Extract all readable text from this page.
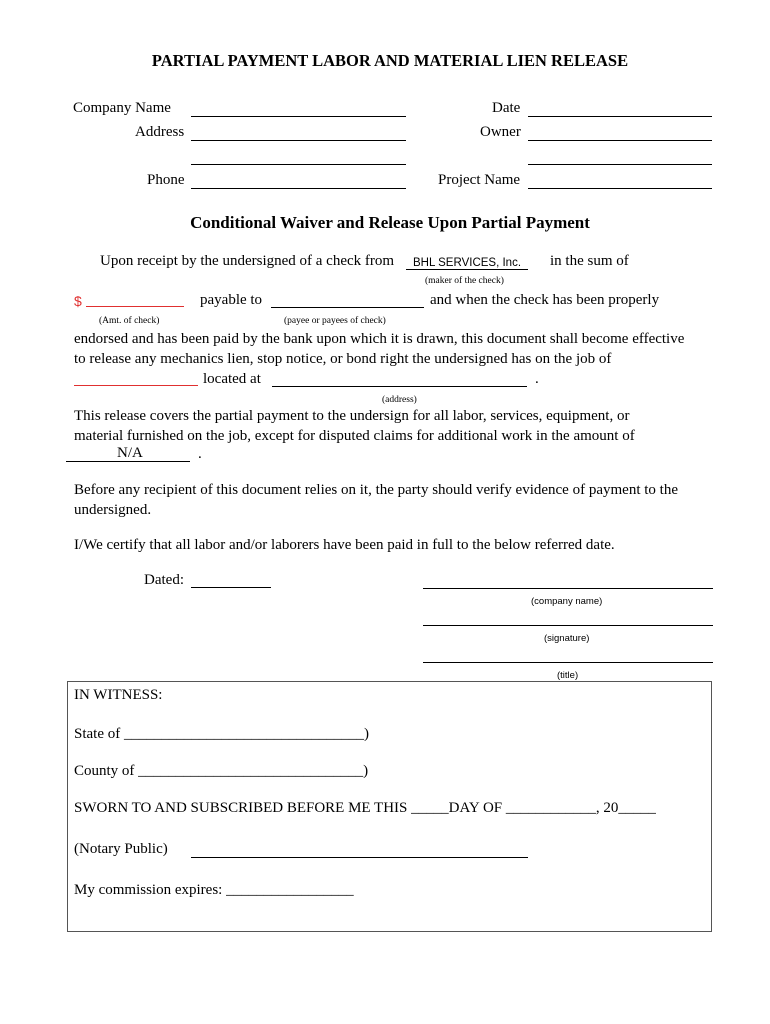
PARTIAL PAYMENT LABOR AND MATERIAL LIEN RELEASE
Company Name
Address
Phone
Date
Owner
Project Name
Conditional Waiver and Release Upon Partial Payment
Upon receipt by the undersigned of a check from BHL SERVICES, Inc. in the sum of
(maker of the check)
$	payable to	and when the check has been properly
(Amt. of check)	(payee or payees of check)
endorsed and has been paid by the bank upon which it is drawn, this document shall become effective to release any mechanics lien, stop notice, or bond right the undersigned has on the job of
located at	.
(address)
This release covers the partial payment to the undersign for all labor, services, equipment, or material furnished on the job, except for disputed claims for additional work in the amount of
N/A	.
Before any recipient of this document relies on it, the party should verify evidence of payment to the undersigned.
I/We certify that all labor and/or laborers have been paid in full to the below referred date.
Dated:
(company name)
(signature)
(title)
IN WITNESS:
State of ________________________________)
County of ______________________________)
SWORN TO AND SUBSCRIBED BEFORE ME THIS _____DAY OF ____________, 20_____
(Notary Public)
My commission expires: _________________
